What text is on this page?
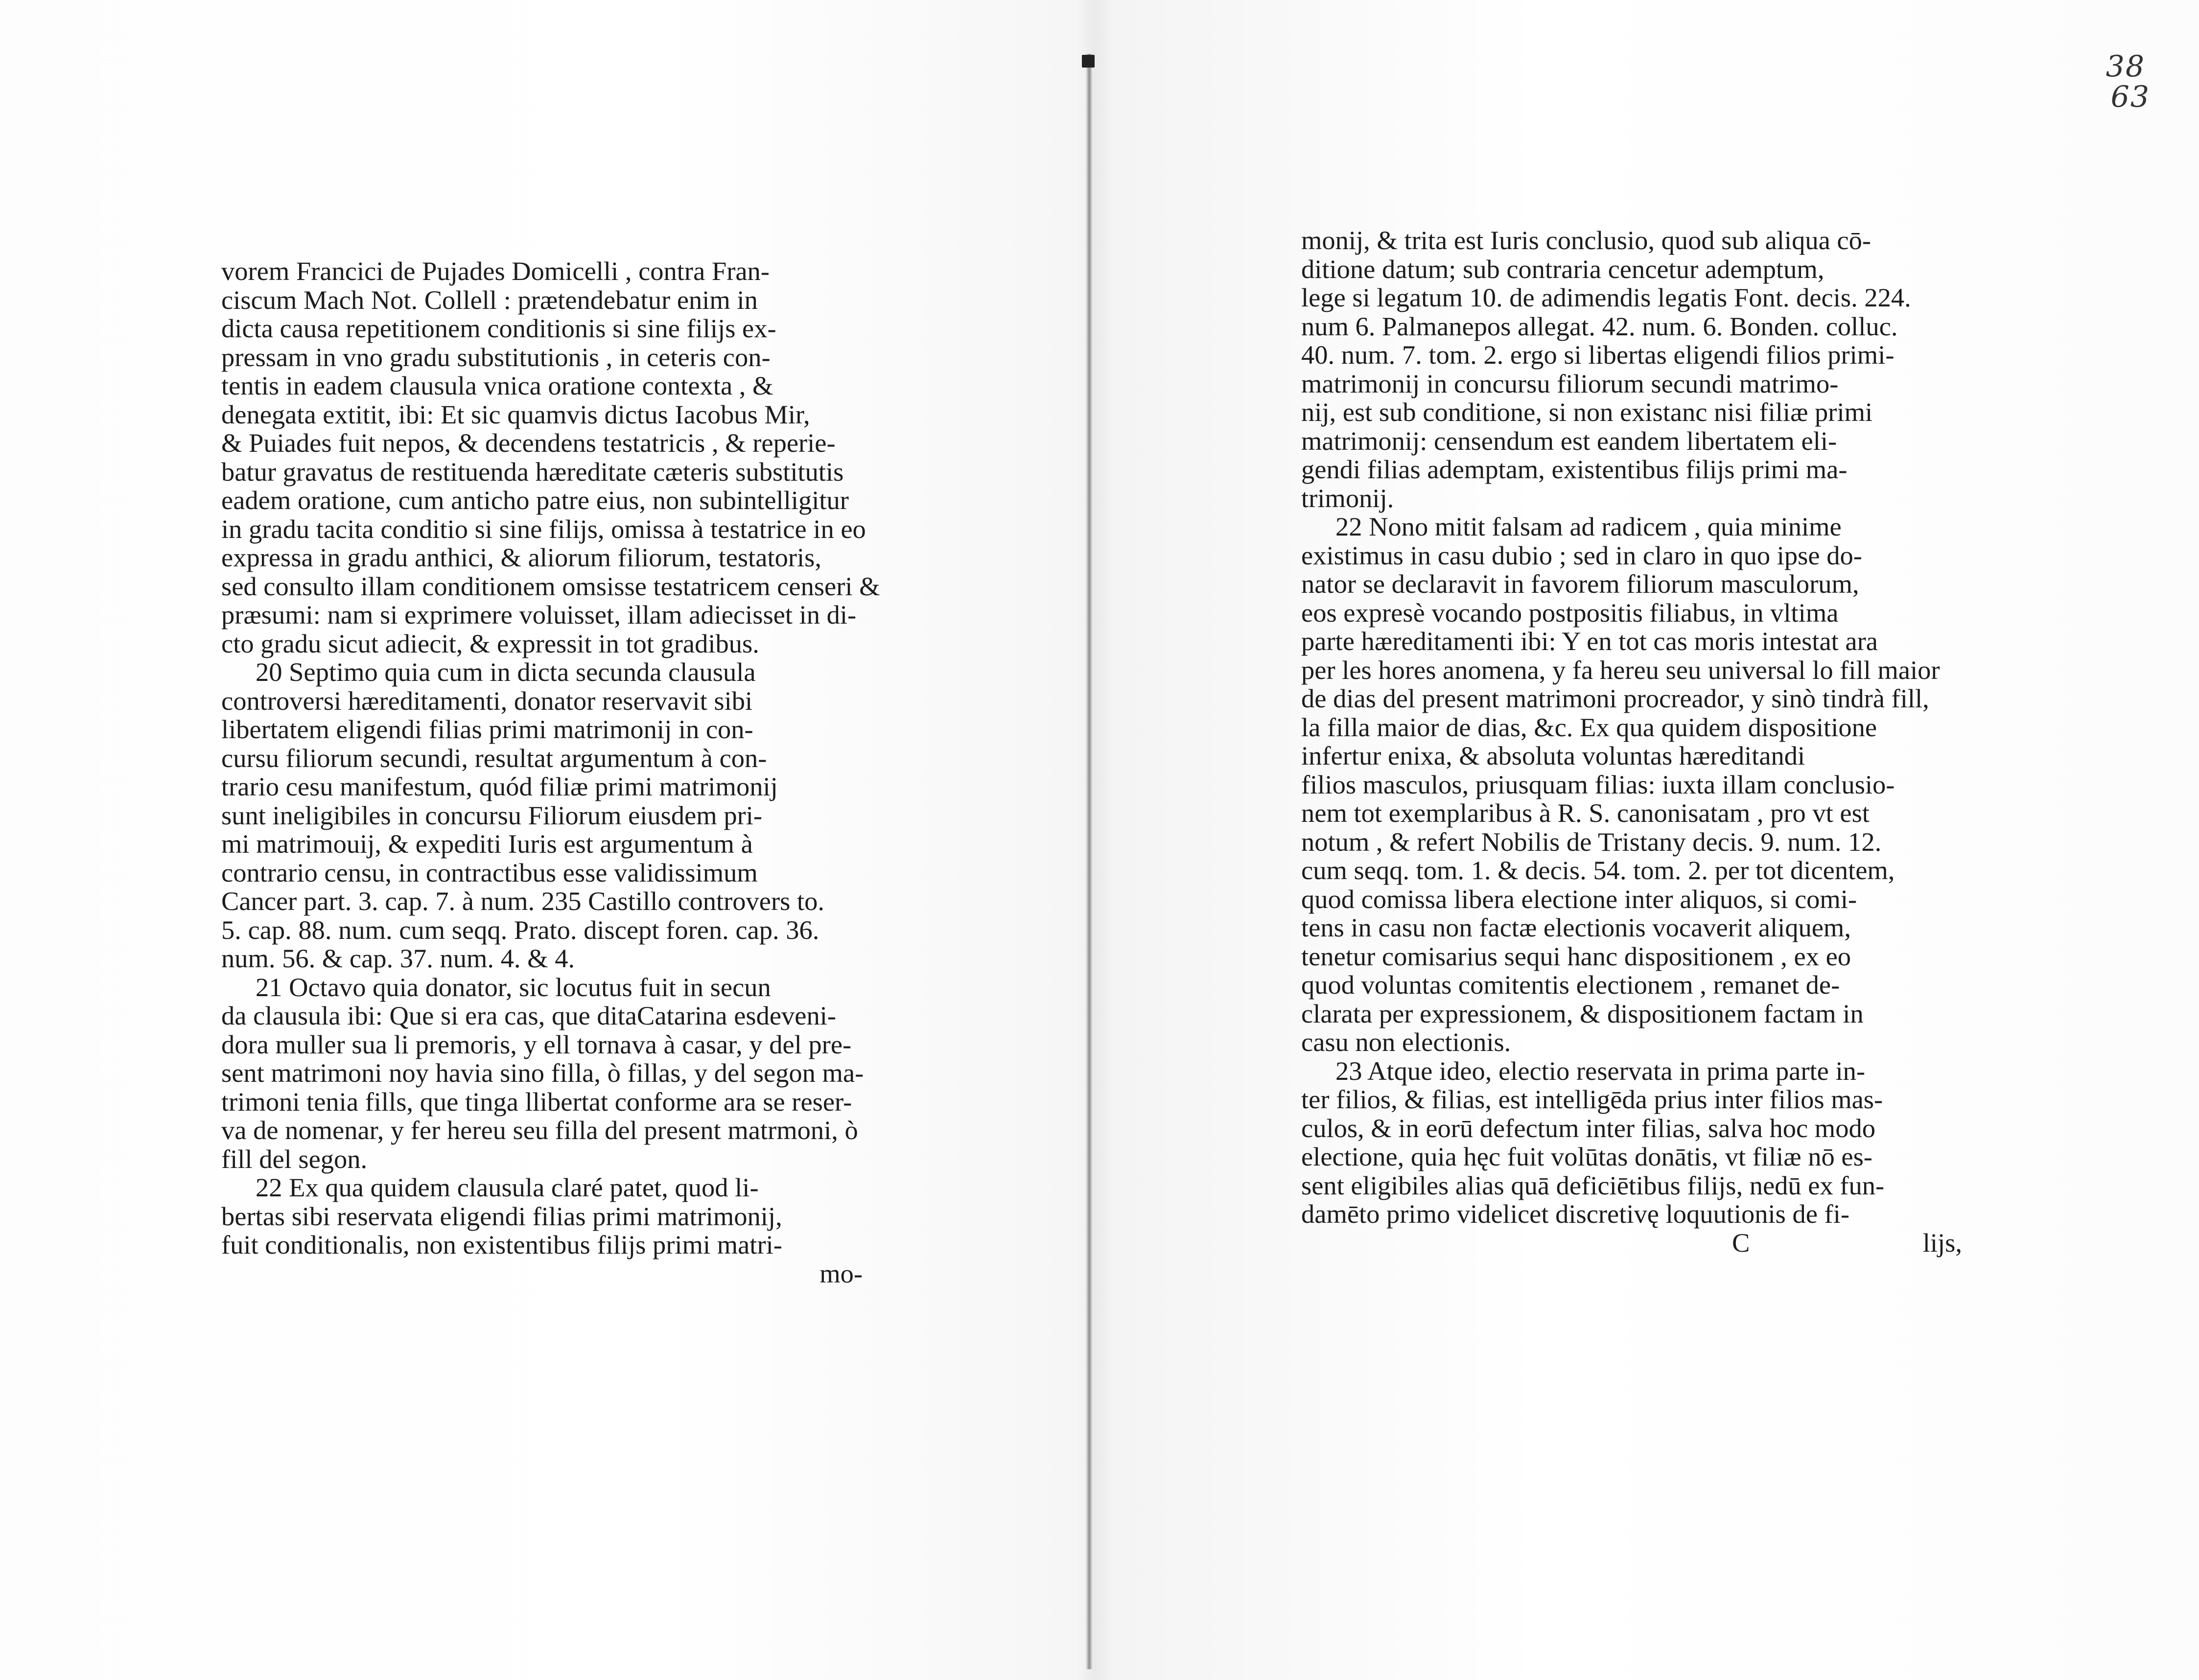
38
63
vorem Francici de Pujades Domicelli , contra Fran-
ciscum Mach Not. Collell : prætendebatur enim in
dicta causa repetitionem conditionis si sine filijs ex-
pressam in vno gradu substitutionis , in ceteris con-
tentis in eadem clausula vnica oratione contexta , &
denegata extitit, ibi: Et sic quamvis dictus Iacobus Mir,
& Puiades fuit nepos, & decendens testatricis , & reperie-
batur gravatus de restituenda hæreditate cæteris substitutis
eadem oratione, cum anticho patre eius, non subintelligitur
in gradu tacita conditio si sine filijs, omissa à testatrice in eo
expressa in gradu anthici, & aliorum filiorum, testatoris,
sed consulto illam conditionem omsisse testatricem censeri &
præsumi: nam si exprimere voluisset, illam adiecisset in di-
cto gradu sicut adiecit, & expressit in tot gradibus.
20 Septimo quia cum in dicta secunda clausula
controversi hæreditamenti, donator reservavit sibi
libertatem eligendi filias primi matrimonij in con-
cursu filiorum secundi, resultat argumentum à con-
trario cesu manifestum, quód filiæ primi matrimonij
sunt ineligibiles in concursu Filiorum eiusdem pri-
mi matrimouij, & expediti Iuris est argumentum à
contrario censu, in contractibus esse validissimum
Cancer part. 3. cap. 7. à num. 235 Castillo controvers to.
5. cap. 88. num. cum seqq. Prato. discept foren. cap. 36.
num. 56. & cap. 37. num. 4. & 4.
21 Octavo quia donator, sic locutus fuit in secun
da clausula ibi: Que si era cas, que ditaCatarina esdeveni-
dora muller sua li premoris, y ell tornava à casar, y del pre-
sent matrimoni noy havia sino filla, ò fillas, y del segon ma-
trimoni tenia fills, que tinga llibertat conforme ara se reser-
va de nomenar, y fer hereu seu filla del present matrmoni, ò
fill del segon.
22 Ex qua quidem clausula claré patet, quod li-
bertas sibi reservata eligendi filias primi matrimonij,
fuit conditionalis, non existentibus filijs primi matri-
mo-
monij, & trita est Iuris conclusio, quod sub aliqua cō-
ditione datum; sub contraria cencetur ademptum,
lege si legatum 10. de adimendis legatis Font. decis. 224.
num 6. Palmanepos allegat. 42. num. 6. Bonden. colluc.
40. num. 7. tom. 2. ergo si libertas eligendi filios primi-
matrimonij in concursu filiorum secundi matrimo-
nij, est sub conditione, si non existanc nisi filiæ primi
matrimonij: censendum est eandem libertatem eli-
gendi filias ademptam, existentibus filijs primi ma-
trimonij.
22 Nono mitit falsam ad radicem , quia minime
existimus in casu dubio ; sed in claro in quo ipse do-
nator se declaravit in favorem filiorum masculorum,
eos expresè vocando postpositis filiabus, in vltima
parte hæreditamenti ibi: Y en tot cas moris intestat ara
per les hores anomena, y fa hereu seu universal lo fill maior
de dias del present matrimoni procreador, y sinò tindrà fill,
la filla maior de dias, &c. Ex qua quidem dispositione
infertur enixa, & absoluta voluntas hæreditandi
filios masculos, priusquam filias: iuxta illam conclusio-
nem tot exemplaribus à R. S. canonisatam , pro vt est
notum , & refert Nobilis de Tristany decis. 9. num. 12.
cum seqq. tom. 1. & decis. 54. tom. 2. per tot dicentem,
quod comissa libera electione inter aliquos, si comi-
tens in casu non factæ electionis vocaverit aliquem,
tenetur comisarius sequi hanc dispositionem , ex eo
quod voluntas comitentis electionem , remanet de-
clarata per expressionem, & dispositionem factam in
casu non electionis.
23 Atque ideo, electio reservata in prima parte in-
ter filios, & filias, est intelligēda prius inter filios mas-
culos, & in eorū defectum inter filias, salva hoc modo
electione, quia hęc fuit volūtas donātis, vt filiæ nō es-
sent eligibiles alias quā deficiētibus filijs, nedū ex fun-
damēto primo videlicet discretivę loquutionis de fi-
C	lijs,
